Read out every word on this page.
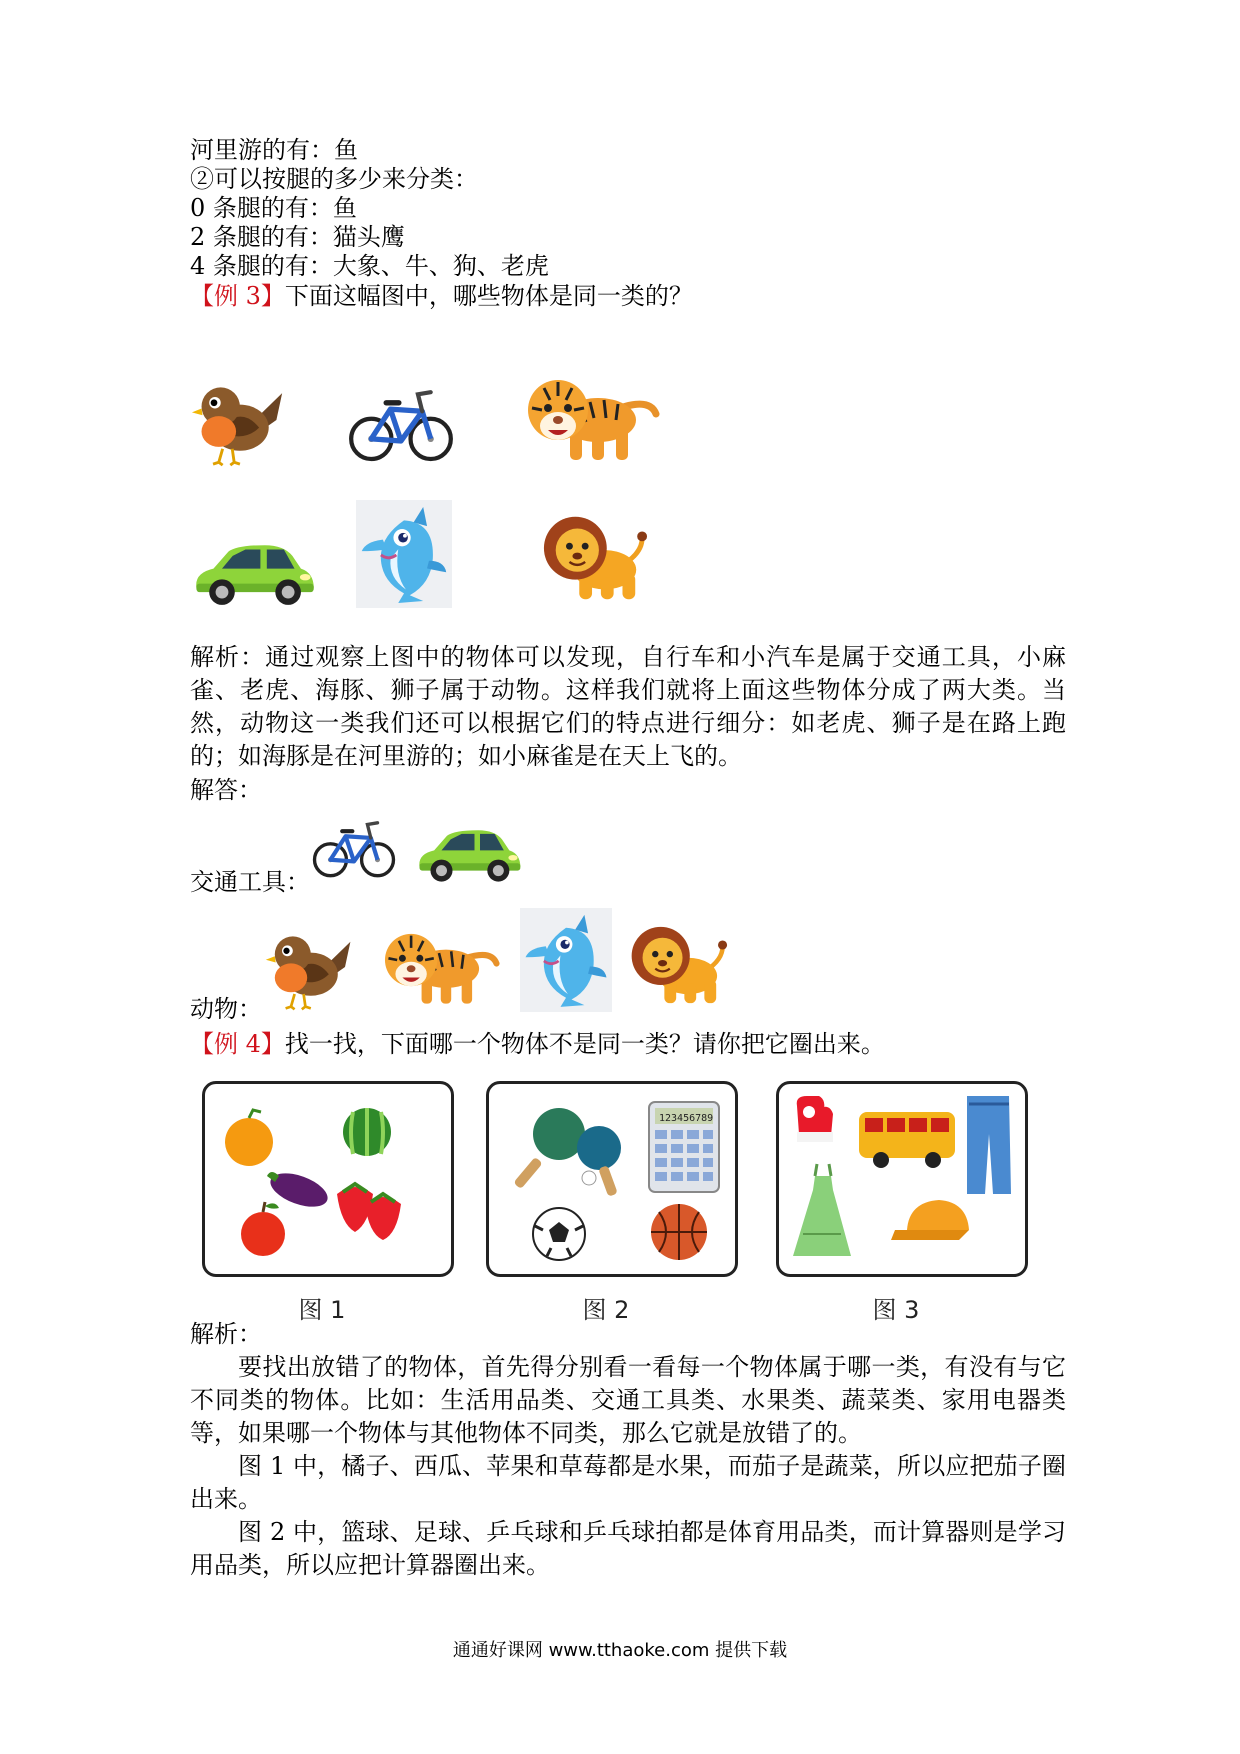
河里游的有：鱼
②可以按腿的多少来分类：
0 条腿的有：鱼
2 条腿的有：猫头鹰
4 条腿的有：大象、牛、狗、老虎
【例 3】下面这幅图中，哪些物体是同一类的？
解析：通过观察上图中的物体可以发现，自行车和小汽车是属于交通工具，小麻雀、老虎、海豚、狮子属于动物。这样我们就将上面这些物体分成了两大类。当然，动物这一类我们还可以根据它们的特点进行细分：如老虎、狮子是在路上跑的；如海豚是在河里游的；如小麻雀是在天上飞的。
解答：
交通工具：
动物：
【例 4】找一找，下面哪一个物体不是同一类？请你把它圈出来。
图 1
123456789
图 2	图 3
解析：
要找出放错了的物体，首先得分别看一看每一个物体属于哪一类，有没有与它不同类的物体。比如：生活用品类、交通工具类、水果类、蔬菜类、家用电器类等，如果哪一个物体与其他物体不同类，那么它就是放错了的。
图 1 中，橘子、西瓜、苹果和草莓都是水果，而茄子是蔬菜，所以应把茄子圈出来。
图 2 中，篮球、足球、乒乓球和乒乓球拍都是体育用品类，而计算器则是学习用品类，所以应把计算器圈出来。
通通好课网 www.tthaoke.com 提供下载
